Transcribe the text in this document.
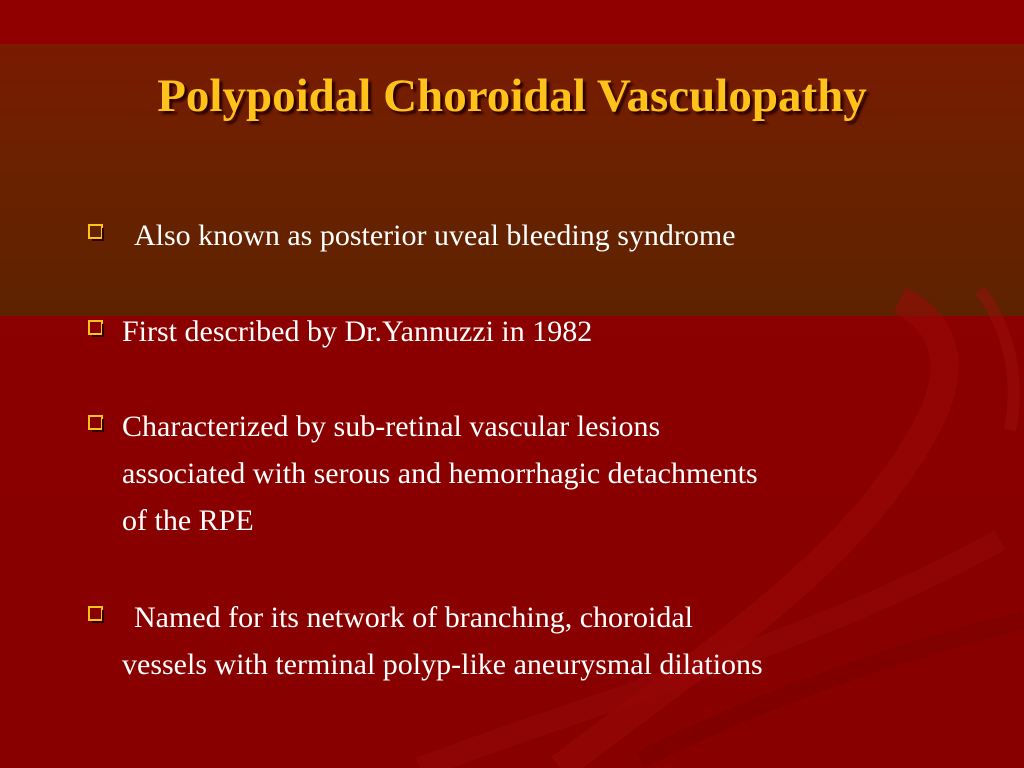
Polypoidal Choroidal Vasculopathy
Also known as posterior uveal bleeding syndrome
First described by Dr.Yannuzzi in 1982
Characterized by sub-retinal vascular lesions
associated with serous and hemorrhagic detachments
of the RPE
Named for its network of branching, choroidal
vessels with terminal polyp-like aneurysmal dilations
